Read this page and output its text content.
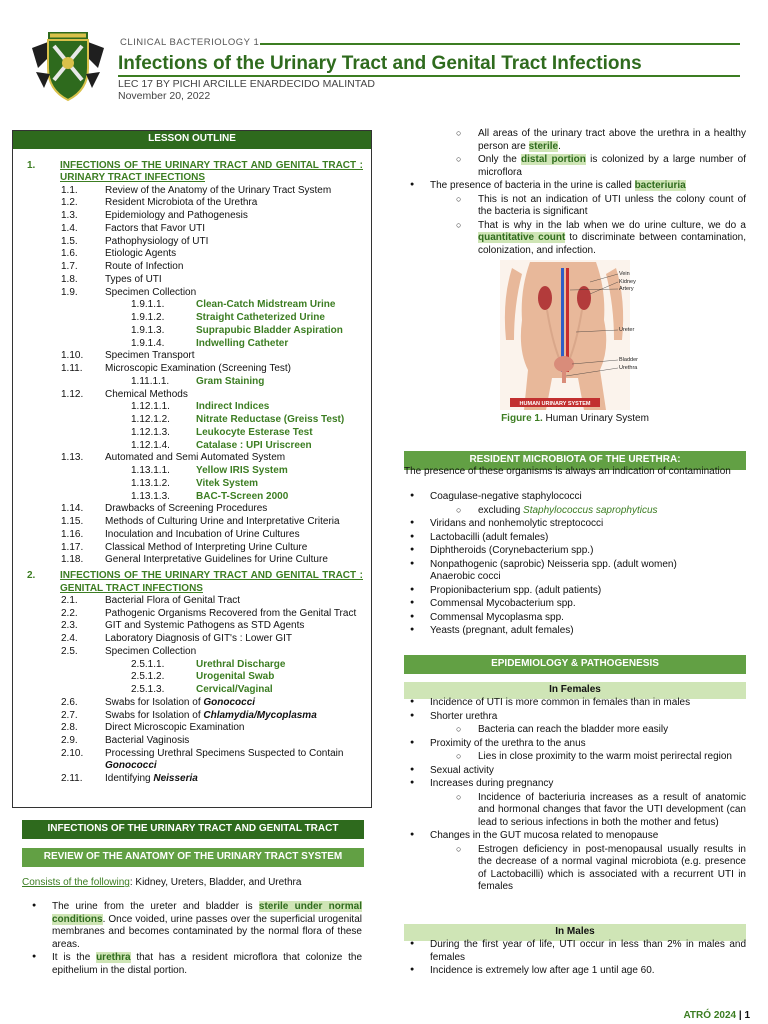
CLINICAL BACTERIOLOGY 1
Infections of the Urinary Tract and Genital Tract Infections
LEC 17 BY PICHI ARCILLE ENARDECIDO MALINTAD
November 20, 2022
LESSON OUTLINE
1. INFECTIONS OF THE URINARY TRACT AND GENITAL TRACT : URINARY TRACT INFECTIONS
1.1.	Review of the Anatomy of the Urinary Tract System
1.2.	Resident Microbiota of the Urethra
1.3.	Epidemiology and Pathogenesis
1.4.	Factors that Favor UTI
1.5.	Pathophysiology of UTI
1.6.	Etiologic Agents
1.7.	Route of Infection
1.8.	Types of UTI
1.9.	Specimen Collection
1.9.1.1.	Clean-Catch Midstream Urine
1.9.1.2.	Straight Catheterized Urine
1.9.1.3.	Suprapubic Bladder Aspiration
1.9.1.4.	Indwelling Catheter
1.10. Specimen Transport
1.11. Microscopic Examination (Screening Test)
1.11.1.1.	Gram Staining
1.12. Chemical Methods
1.12.1.1.	Indirect Indices
1.12.1.2.	Nitrate Reductase (Greiss Test)
1.12.1.3.	Leukocyte Esterase Test
1.12.1.4.	Catalase : UPI Uriscreen
1.13. Automated and Semi Automated System
1.13.1.1.	Yellow IRIS System
1.13.1.2.	Vitek System
1.13.1.3.	BAC-T-Screen 2000
1.14. Drawbacks of Screening Procedures
1.15. Methods of Culturing Urine and Interpretative Criteria
1.16. Inoculation and Incubation of Urine Cultures
1.17. Classical Method of Interpreting Urine Culture
1.18. General Interpretative Guidelines for Urine Culture
2. INFECTIONS OF THE URINARY TRACT AND GENITAL TRACT : GENITAL TRACT INFECTIONS
2.1.	Bacterial Flora of Genital Tract
2.2.	Pathogenic Organisms Recovered from the Genital Tract
2.3.	GIT and Systemic Pathogens as STD Agents
2.4.	Laboratory Diagnosis of GIT's : Lower GIT
2.5.	Specimen Collection
2.5.1.1.	Urethral Discharge
2.5.1.2.	Urogenital Swab
2.5.1.3.	Cervical/Vaginal
2.6.	Swabs for Isolation of Gonococci
2.7.	Swabs for Isolation of Chlamydia/Mycoplasma
2.8.	Direct Microscopic Examination
2.9.	Bacterial Vaginosis
2.10. Processing Urethral Specimens Suspected to Contain
Gonococci
2.11. Identifying Neisseria
INFECTIONS OF THE URINARY TRACT AND GENITAL TRACT
REVIEW OF THE ANATOMY OF THE URINARY TRACT SYSTEM
Consists of the following: Kidney, Ureters, Bladder, and Urethra
● The urine from the ureter and bladder is sterile under normal conditions. Once voided, urine passes over the superficial urogenital membranes and becomes contaminated by the normal flora of these areas.
● It is the urethra that has a resident microflora that colonize the epithelium in the distal portion.
○ All areas of the urinary tract above the urethra in a healthy person are sterile.
○ Only the distal portion is colonized by a large number of microflora
● The presence of bacteria in the urine is called bacteriuria
○ This is not an indication of UTI unless the colony count of the bacteria is significant
○ That is why in the lab when we do urine culture, we do a quantitative count to discriminate between contamination, colonization, and infection.
Vein
Kidney
Artery
Ureter
Bladder
Urethra
HUMAN URINARY SYSTEM
Figure 1. Human Urinary System
RESIDENT MICROBIOTA OF THE URETHRA:
The presence of these organisms is always an indication of contamination
● Coagulase-negative staphylococci
○ excluding Staphylococcus saprophyticus
● Viridans and nonhemolytic streptococci
● Lactobacilli (adult females)
● Diphtheroids (Corynebacterium spp.)
● Nonpathogenic (saprobic) Neisseria spp. (adult women)
Anaerobic cocci
● Propionibacterium spp. (adult patients)
● Commensal Mycobacterium spp.
● Commensal Mycoplasma spp.
● Yeasts (pregnant, adult females)
EPIDEMIOLOGY & PATHOGENESIS
In Females
● Incidence of UTI is more common in females than in males
● Shorter urethra
○ Bacteria can reach the bladder more easily
● Proximity of the urethra to the anus
○ Lies in close proximity to the warm moist perirectal region
● Sexual activity
● Increases during pregnancy
○ Incidence of bacteriuria increases as a result of anatomic and hormonal changes that favor the UTI development (can lead to serious infections in both the mother and fetus)
● Changes in the GUT mucosa related to menopause
○ Estrogen deficiency in post-menopausal usually results in the decrease of a normal vaginal microbiota (e.g. presence of Lactobacilli) which is associated with a recurrent UTI in females
In Males
● During the first year of life, UTI occur in less than 2% in males and females
● Incidence is extremely low after age 1 until age 60.
ATRÓ 2024 | 1
